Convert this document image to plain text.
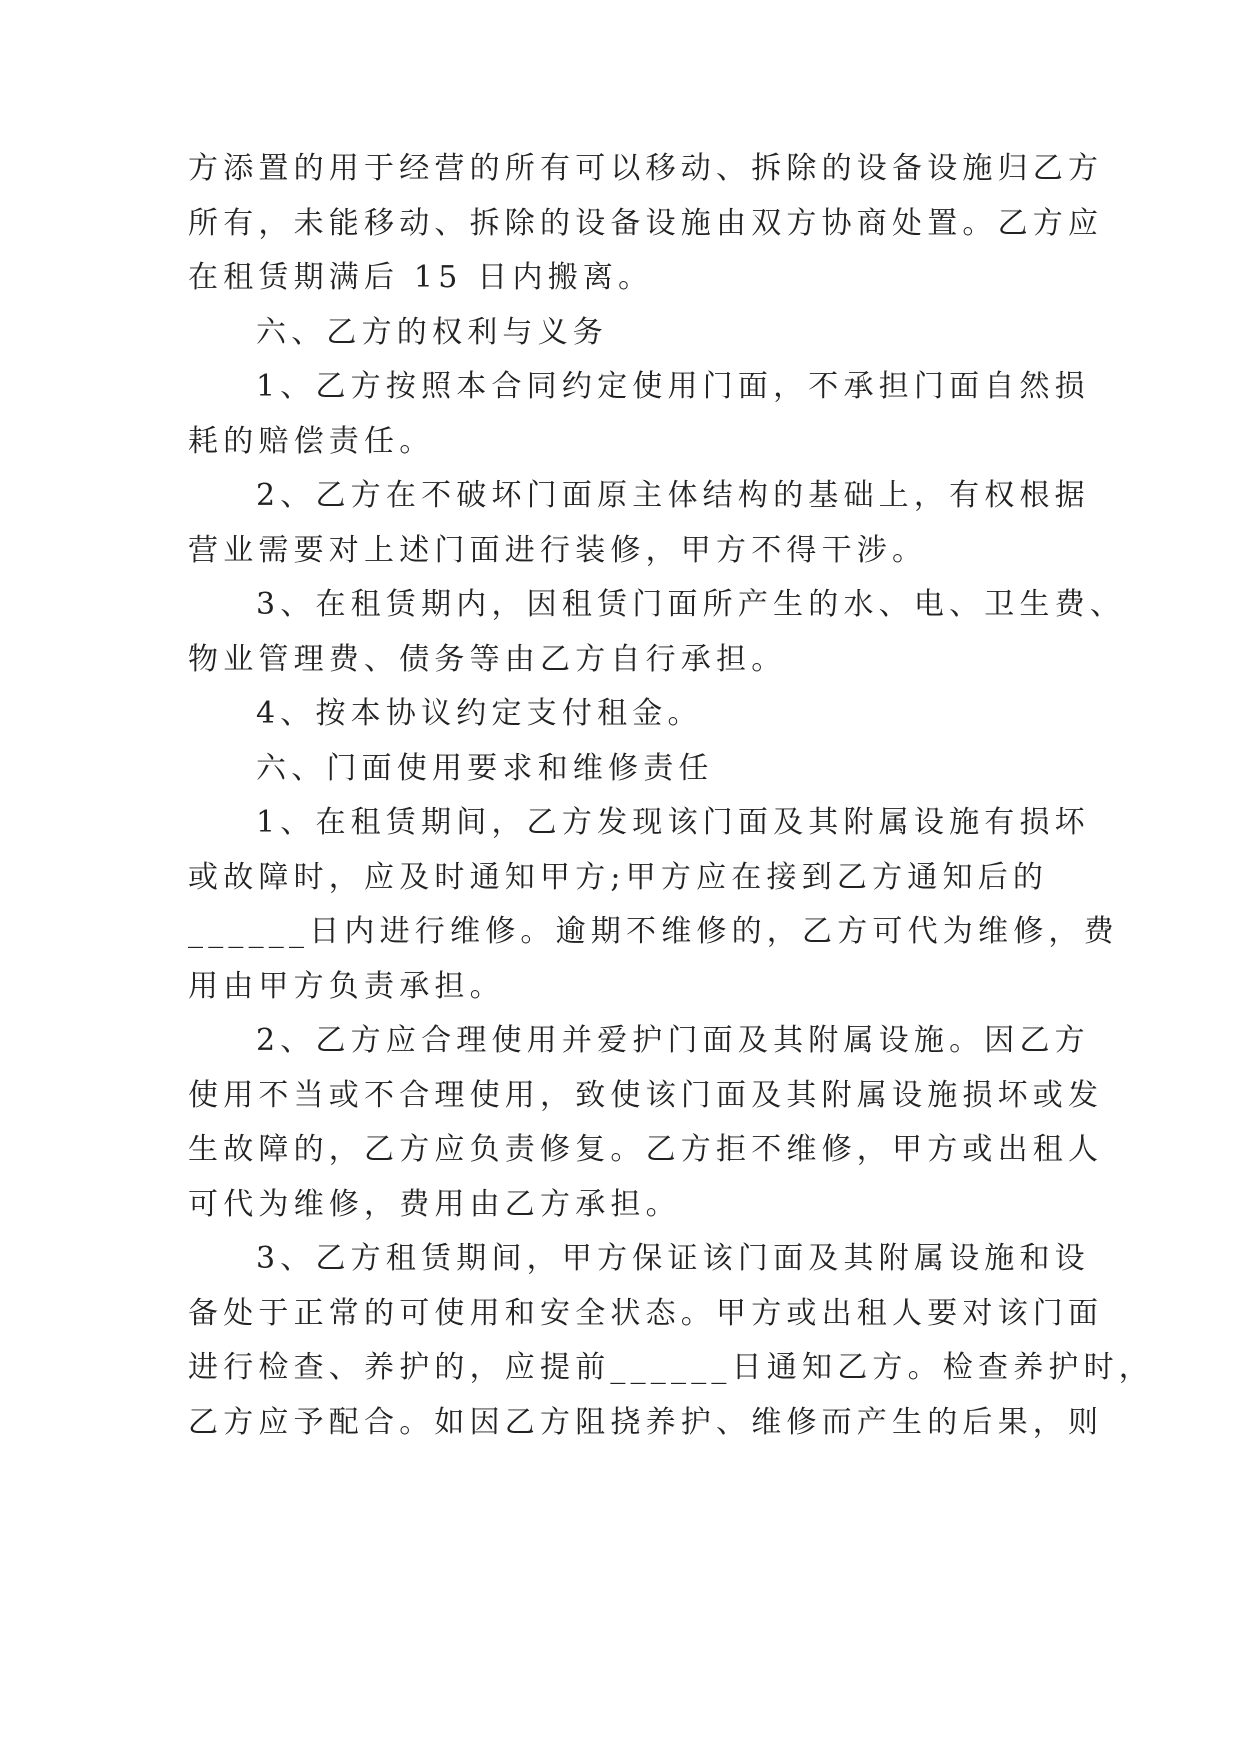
方添置的用于经营的所有可以移动、拆除的设备设施归乙方
所有，未能移动、拆除的设备设施由双方协商处置。乙方应
在租赁期满后 15 日内搬离。
六、乙方的权利与义务
1、乙方按照本合同约定使用门面，不承担门面自然损
耗的赔偿责任。
2、乙方在不破坏门面原主体结构的基础上，有权根据
营业需要对上述门面进行装修，甲方不得干涉。
3、在租赁期内，因租赁门面所产生的水、电、卫生费、
物业管理费、债务等由乙方自行承担。
4、按本协议约定支付租金。
六、门面使用要求和维修责任
1、在租赁期间，乙方发现该门面及其附属设施有损坏
或故障时，应及时通知甲方;甲方应在接到乙方通知后的
______日内进行维修。逾期不维修的，乙方可代为维修，费
用由甲方负责承担。
2、乙方应合理使用并爱护门面及其附属设施。因乙方
使用不当或不合理使用，致使该门面及其附属设施损坏或发
生故障的，乙方应负责修复。乙方拒不维修，甲方或出租人
可代为维修，费用由乙方承担。
3、乙方租赁期间，甲方保证该门面及其附属设施和设
备处于正常的可使用和安全状态。甲方或出租人要对该门面
进行检查、养护的，应提前______日通知乙方。检查养护时，
乙方应予配合。如因乙方阻挠养护、维修而产生的后果，则
